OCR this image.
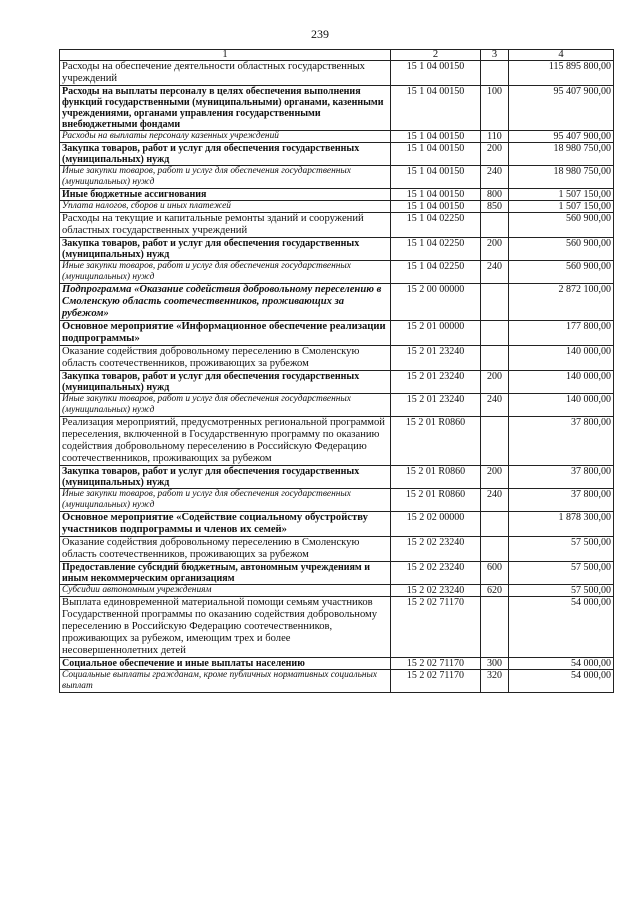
239
1	2	3	4
Расходы на обеспечение деятельности областных государственных учреждений	15 1 04 00150		115 895 800,00
Расходы на выплаты персоналу в целях обеспечения выполнения функций государственными (муниципальными) органами, казенными учреждениями, органами управления государственными внебюджетными фондами	15 1 04 00150	100	95 407 900,00
Расходы на выплаты персоналу казенных учреждений	15 1 04 00150	110	95 407 900,00
Закупка товаров, работ и услуг для обеспечения государственных (муниципальных) нужд	15 1 04 00150	200	18 980 750,00
Иные закупки товаров, работ и услуг для обеспечения государственных (муниципальных) нужд	15 1 04 00150	240	18 980 750,00
Иные бюджетные ассигнования	15 1 04 00150	800	1 507 150,00
Уплата налогов, сборов и иных платежей	15 1 04 00150	850	1 507 150,00
Расходы на текущие и капитальные ремонты зданий и сооружений областных государственных учреждений	15 1 04 02250		560 900,00
Закупка товаров, работ и услуг для обеспечения государственных (муниципальных) нужд	15 1 04 02250	200	560 900,00
Иные закупки товаров, работ и услуг для обеспечения государственных (муниципальных) нужд	15 1 04 02250	240	560 900,00
Подпрограмма «Оказание содействия добровольному переселению в Смоленскую область соотечественников, проживающих за рубежом»	15 2 00 00000		2 872 100,00
Основное мероприятие «Информационное обеспечение реализации подпрограммы»	15 2 01 00000		177 800,00
Оказание содействия добровольному переселению в Смоленскую область соотечественников, проживающих за рубежом	15 2 01 23240		140 000,00
Закупка товаров, работ и услуг для обеспечения государственных (муниципальных) нужд	15 2 01 23240	200	140 000,00
Иные закупки товаров, работ и услуг для обеспечения государственных (муниципальных) нужд	15 2 01 23240	240	140 000,00
Реализация мероприятий, предусмотренных региональной программой переселения, включенной в Государственную программу по оказанию содействия добровольному переселению в Российскую Федерацию соотечественников, проживающих за рубежом	15 2 01 R0860		37 800,00
Закупка товаров, работ и услуг для обеспечения государственных (муниципальных) нужд	15 2 01 R0860	200	37 800,00
Иные закупки товаров, работ и услуг для обеспечения государственных (муниципальных) нужд	15 2 01 R0860	240	37 800,00
Основное мероприятие «Содействие социальному обустройству участников подпрограммы и членов их семей»	15 2 02 00000		1 878 300,00
Оказание содействия добровольному переселению в Смоленскую область соотечественников, проживающих за рубежом	15 2 02 23240		57 500,00
Предоставление субсидий бюджетным, автономным учреждениям и иным некоммерческим организациям	15 2 02 23240	600	57 500,00
Субсидии автономным учреждениям	15 2 02 23240	620	57 500,00
Выплата единовременной материальной помощи семьям участников Государственной программы по оказанию содействия добровольному переселению в Российскую Федерацию соотечественников, проживающих за рубежом, имеющим трех и более несовершеннолетних детей	15 2 02 71170		54 000,00
Социальное обеспечение и иные выплаты населению	15 2 02 71170	300	54 000,00
Социальные выплаты гражданам, кроме публичных нормативных социальных выплат	15 2 02 71170	320	54 000,00
